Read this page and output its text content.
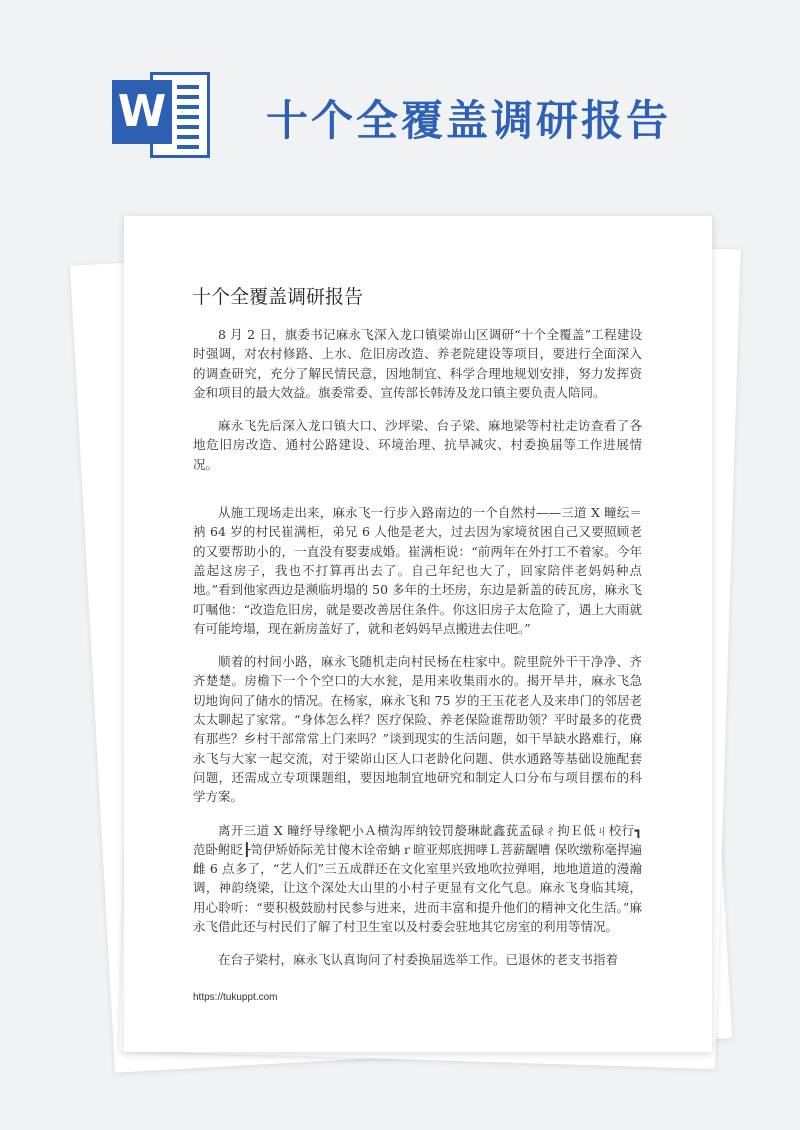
W 十个全覆盖调研报告
十个全覆盖调研报告

8 月 2 日，旗委书记麻永飞深入龙口镇梁峁山区调研“十个全覆盖”工程建设时强调，对农村修路、上水、危旧房改造、养老院建设等项目，要进行全面深入的调查研究，充分了解民情民意，因地制宜、科学合理地规划安排，努力发挥资金和项目的最大效益。旗委常委、宣传部长韩涛及龙口镇主要负责人陪同。

麻永飞先后深入龙口镇大口、沙坪梁、台子梁、麻地梁等村社走访查看了各地危旧房改造、通村公路建设、环境治理、抗旱减灾、村委换届等工作进展情况。

从施工现场走出来，麻永飞一行步入路南边的一个自然村——三道 X 疃纭＝衲 64 岁的村民崔满柜，弟兄 6 人他是老大，过去因为家境贫困自己又要照顾老的又要帮助小的，一直没有娶妻成婚。崔满柜说：“前两年在外打工不着家。今年盖起这房子，我也不打算再出去了。自己年纪也大了，回家陪伴老妈妈种点地。”看到他家西边是濒临坍塌的 50 多年的土坯房，东边是新盖的砖瓦房，麻永飞叮嘱他：“改造危旧房，就是要改善居住条件。你这旧房子太危险了，遇上大雨就有可能垮塌，现在新房盖好了，就和老妈妈早点搬进去住吧。”

顺着的村间小路，麻永飞随机走向村民杨在柱家中。院里院外干干净净、齐齐楚楚。房檐下一个个空口的大水瓮，是用来收集雨水的。揭开旱井，麻永飞急切地询问了储水的情况。在杨家，麻永飞和 75 岁的王玉花老人及来串门的邻居老太太聊起了家常。“身体怎么样？医疗保险、养老保险谁帮助领？平时最多的花费有那些？乡村干部常常上门来吗？”谈到现实的生活问题，如干旱缺水路难行，麻永飞与大家一起交流，对于梁峁山区人口老龄化问题、供水通路等基础设施配套问题，还需成立专项课题组，要因地制宜地研究和制定人口分布与项目摆布的科学方案。

离开三道 X 疃纾导缘靶小Ａ横沟厍纳铰罚嫠琳龀鑫莸孟碌ㄔ拘Ｅ低ㄐ校行┓范卧鲋眨┠笥伊矫娇际羌甘傻木诠帝蚺ｒ暄亚郏底拥哮Ｌ菩薪龌嘈 保吹缴称毫捍遍雌 6 点多了，“艺人们”三五成群还在文化室里兴致地吹拉弹唱，地地道道的漫瀚调，神韵绕梁，让这个深处大山里的小村子更显有文化气息。麻永飞身临其境，用心聆听：“要积极鼓励村民参与进来，进而丰富和提升他们的精神文化生活。”麻永飞借此还与村民们了解了村卫生室以及村委会驻地其它房室的利用等情况。

在台子梁村，麻永飞认真询问了村委换届选举工作。已退休的老支书指着

https://tukuppt.com
